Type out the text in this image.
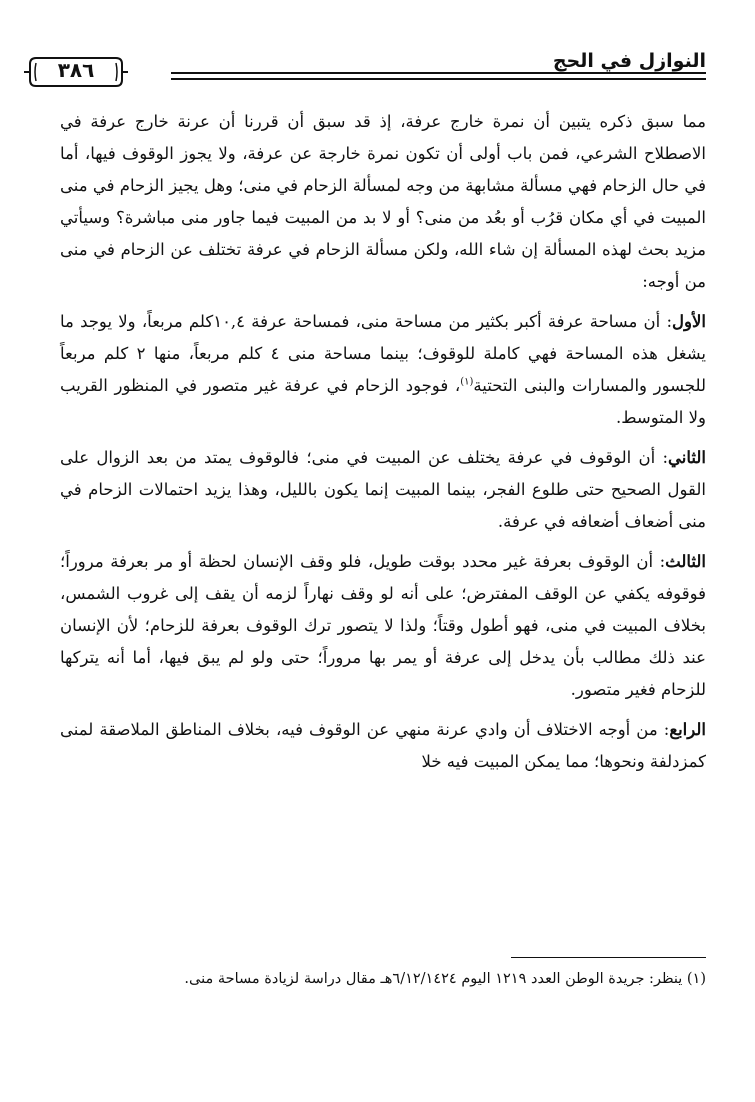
النوازل في الحج
٣٨٦

مما سبق ذكره يتبين أن نمرة خارج عرفة، إذ قد سبق أن قررنا أن عرنة خارج عرفة في الاصطلاح الشرعي، فمن باب أولى أن تكون نمرة خارجة عن عرفة، ولا يجوز الوقوف فيها، أما في حال الزحام فهي مسألة مشابهة من وجه لمسألة الزحام في منى؛ وهل يجيز الزحام في منى المبيت في أي مكان قرُب أو بعُد من منى؟ أو لا بد من المبيت فيما جاور منى مباشرة؟ وسيأتي مزيد بحث لهذه المسألة إن شاء الله، ولكن مسألة الزحام في عرفة تختلف عن الزحام في منى من أوجه:

الأول: أن مساحة عرفة أكبر بكثير من مساحة منى، فمساحة عرفة ١٠,٤كلم مربعاً، ولا يوجد ما يشغل هذه المساحة فهي كاملة للوقوف؛ بينما مساحة منى ٤ كلم مربعاً، منها ٢ كلم مربعاً للجسور والمسارات والبنى التحتية$^{(١)}$، فوجود الزحام في عرفة غير متصور في المنظور القريب ولا المتوسط.

الثاني: أن الوقوف في عرفة يختلف عن المبيت في منى؛ فالوقوف يمتد من بعد الزوال على القول الصحيح حتى طلوع الفجر، بينما المبيت إنما يكون بالليل، وهذا يزيد احتمالات الزحام في منى أضعاف أضعافه في عرفة.

الثالث: أن الوقوف بعرفة غير محدد بوقت طويل، فلو وقف الإنسان لحظة أو مر بعرفة مروراً؛ فوقوفه يكفي عن الوقف المفترض؛ على أنه لو وقف نهاراً لزمه أن يقف إلى غروب الشمس، بخلاف المبيت في منى، فهو أطول وقتاً؛ ولذا لا يتصور ترك الوقوف بعرفة للزحام؛ لأن الإنسان عند ذلك مطالب بأن يدخل إلى عرفة أو يمر بها مروراً؛ حتى ولو لم يبق فيها، أما أنه يتركها للزحام فغير متصور.

الرابع: من أوجه الاختلاف أن وادي عرنة منهي عن الوقوف فيه، بخلاف المناطق الملاصقة لمنى كمزدلفة ونحوها؛ مما يمكن المبيت فيه خلا

(١) ينظر: جريدة الوطن العدد ١٢١٩ اليوم ٦/١٢/١٤٢٤هـ مقال دراسة لزيادة مساحة منى.
